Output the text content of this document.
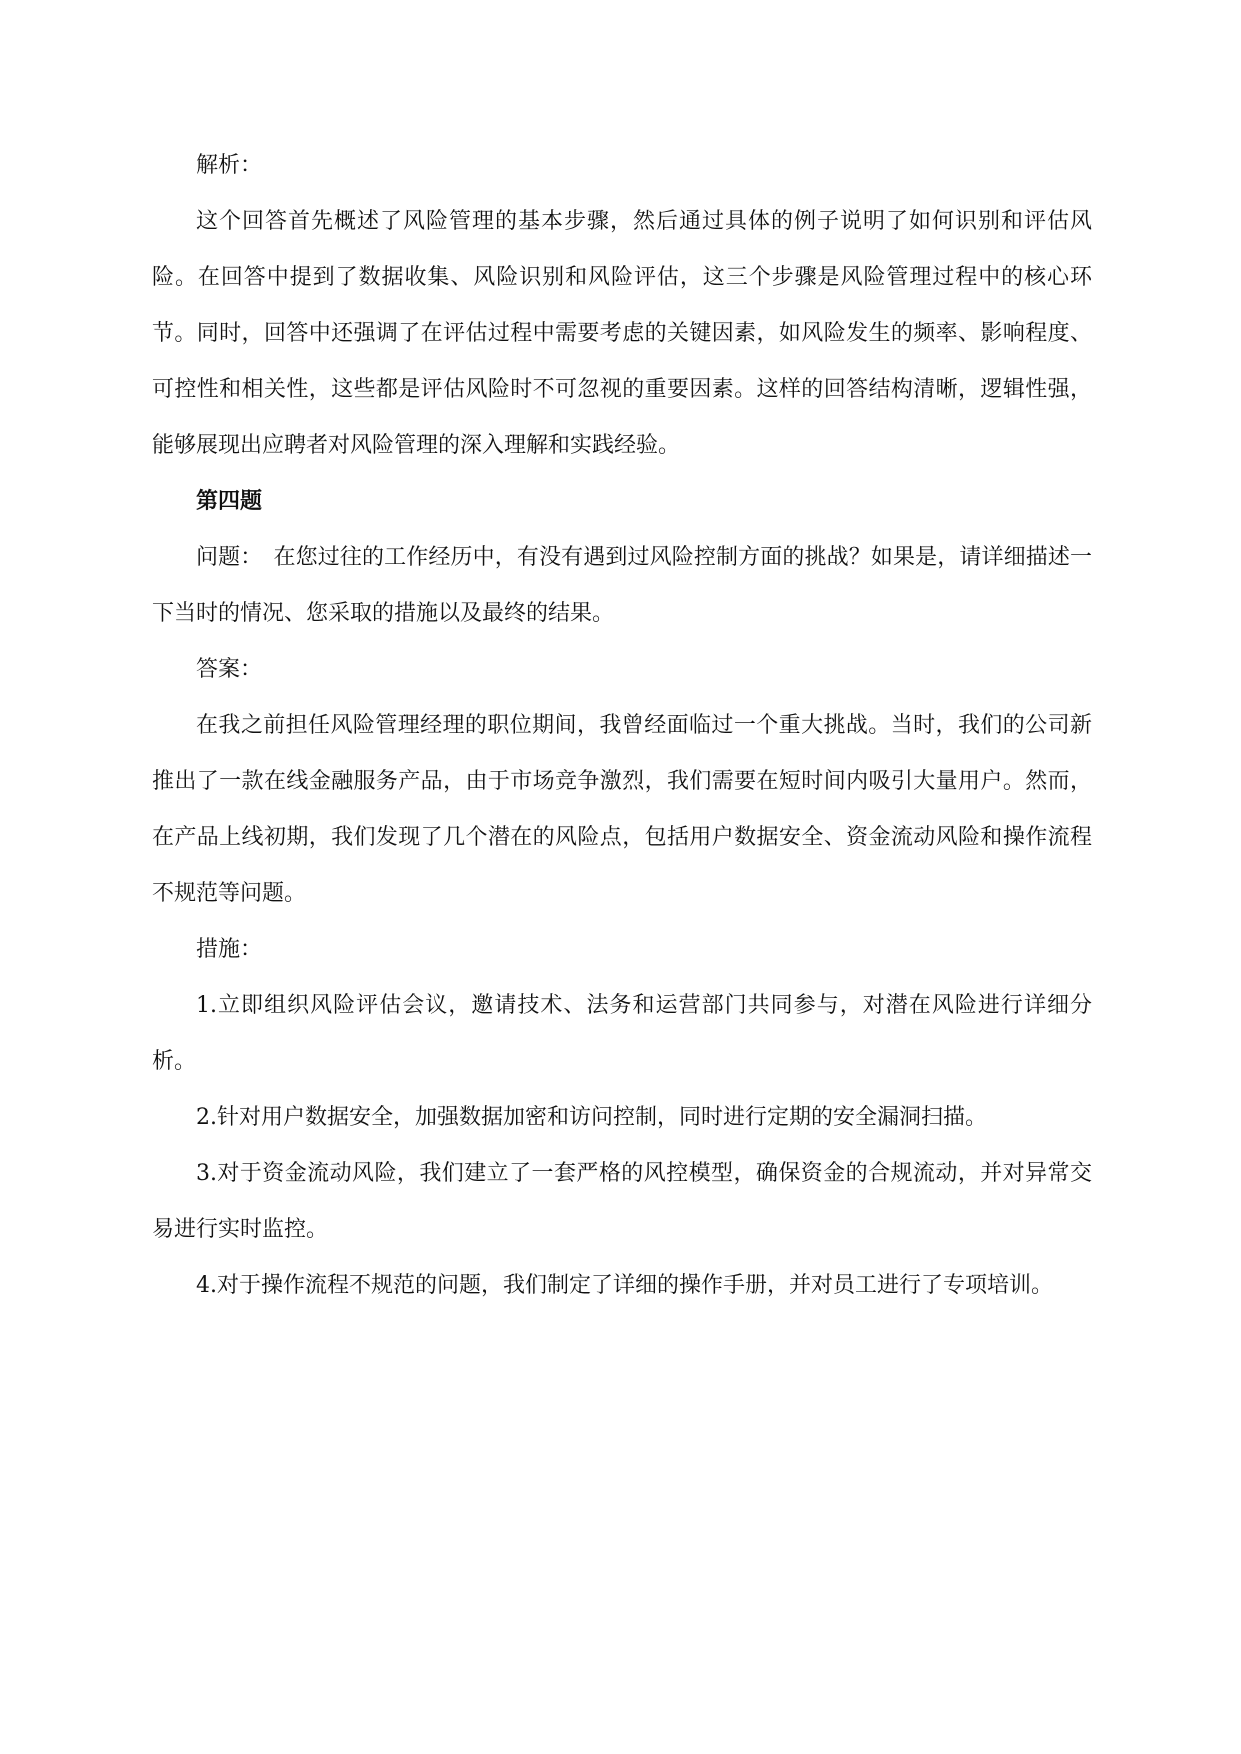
解析：

这个回答首先概述了风险管理的基本步骤，然后通过具体的例子说明了如何识别和评估风险。在回答中提到了数据收集、风险识别和风险评估，这三个步骤是风险管理过程中的核心环节。同时，回答中还强调了在评估过程中需要考虑的关键因素，如风险发生的频率、影响程度、可控性和相关性，这些都是评估风险时不可忽视的重要因素。这样的回答结构清晰，逻辑性强，能够展现出应聘者对风险管理的深入理解和实践经验。

第四题

问题：　在您过往的工作经历中，有没有遇到过风险控制方面的挑战？如果是，请详细描述一下当时的情况、您采取的措施以及最终的结果。

答案：

在我之前担任风险管理经理的职位期间，我曾经面临过一个重大挑战。当时，我们的公司新推出了一款在线金融服务产品，由于市场竞争激烈，我们需要在短时间内吸引大量用户。然而，在产品上线初期，我们发现了几个潜在的风险点，包括用户数据安全、资金流动风险和操作流程不规范等问题。

措施：

1.立即组织风险评估会议，邀请技术、法务和运营部门共同参与，对潜在风险进行详细分析。

2.针对用户数据安全，加强数据加密和访问控制，同时进行定期的安全漏洞扫描。

3.对于资金流动风险，我们建立了一套严格的风控模型，确保资金的合规流动，并对异常交易进行实时监控。

4.对于操作流程不规范的问题，我们制定了详细的操作手册，并对员工进行了专项培训。
